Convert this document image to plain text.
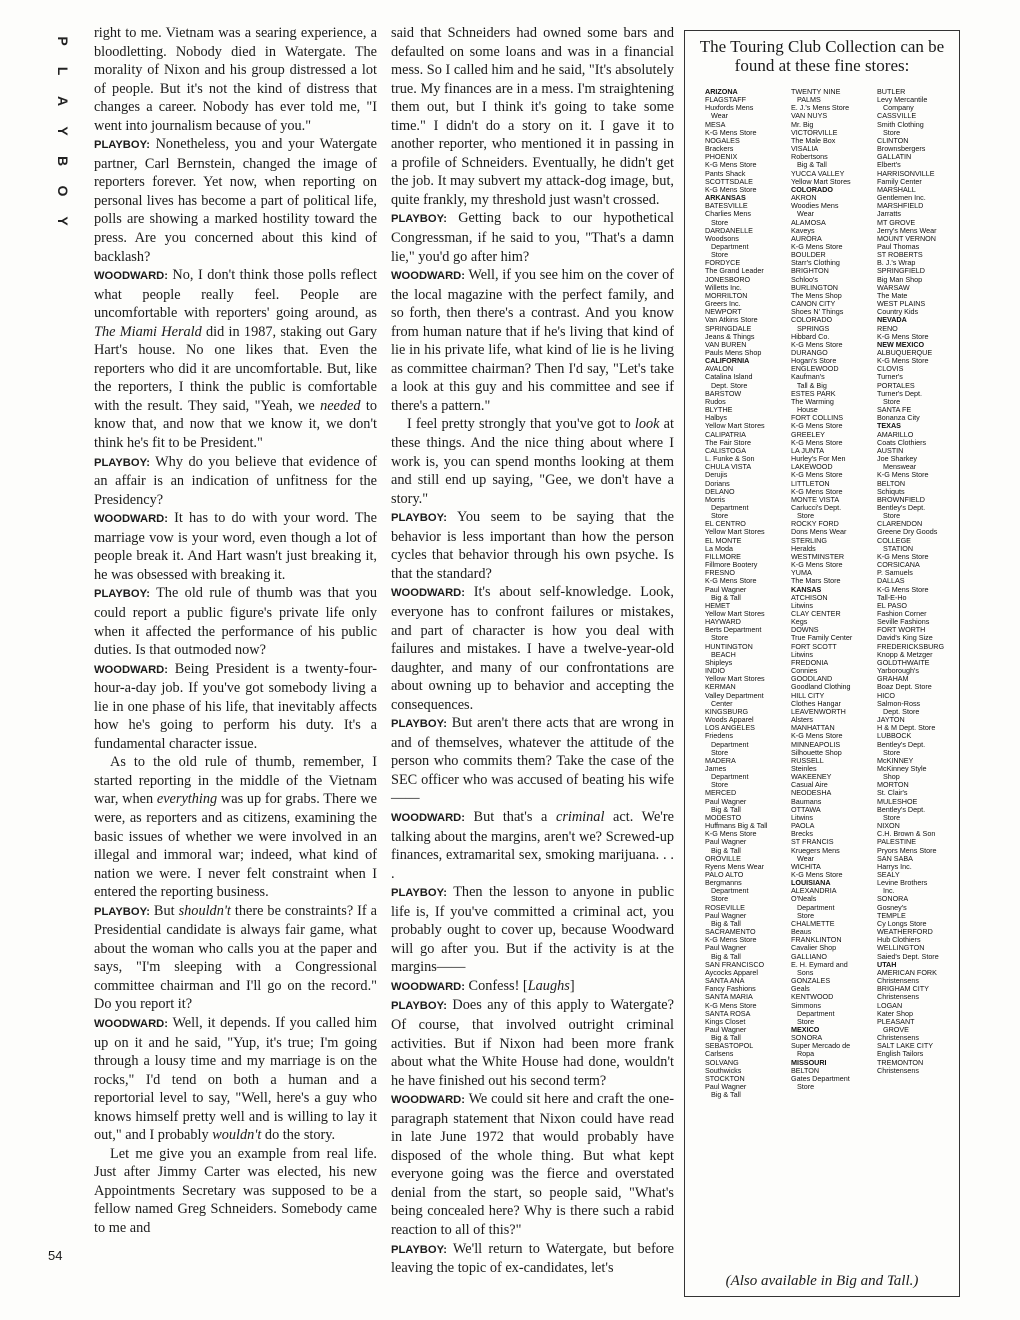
P
L
A
Y
B
O
Y
54

right to me. Vietnam was a searing experience, a bloodletting. Nobody died in Watergate. The morality of Nixon and his group distressed a lot of people. But it's not the kind of distress that changes a career. Nobody has ever told me, "I went into journalism because of you."

PLAYBOY: Nonetheless, you and your Watergate partner, Carl Bernstein, changed the image of reporters forever. Yet now, when reporting on personal lives has become a part of political life, polls are showing a marked hostility toward the press. Are you concerned about this kind of backlash?

WOODWARD: No, I don't think those polls reflect what people really feel. People are uncomfortable with reporters' going around, as The Miami Herald did in 1987, staking out Gary Hart's house. No one likes that. Even the reporters who did it are uncomfortable. But, like the reporters, I think the public is comfortable with the result. They said, "Yeah, we needed to know that, and now that we know it, we don't think he's fit to be President."

PLAYBOY: Why do you believe that evidence of an affair is an indication of unfitness for the Presidency?

WOODWARD: It has to do with your word. The marriage vow is your word, even though a lot of people break it. And Hart wasn't just breaking it, he was obsessed with breaking it.

PLAYBOY: The old rule of thumb was that you could report a public figure's private life only when it affected the performance of his public duties. Is that outmoded now?

WOODWARD: Being President is a twenty-four-hour-a-day job. If you've got somebody living a lie in one phase of his life, that inevitably affects how he's going to perform his duty. It's a fundamental character issue.

As to the old rule of thumb, remember, I started reporting in the middle of the Vietnam war, when everything was up for grabs. There we were, as reporters and as citizens, examining the basic issues of whether we were involved in an illegal and immoral war; indeed, what kind of nation we were. I never felt constraint when I entered the reporting business.

PLAYBOY: But shouldn't there be constraints? If a Presidential candidate is always fair game, what about the woman who calls you at the paper and says, "I'm sleeping with a Congressional committee chairman and I'll go on the record." Do you report it?

WOODWARD: Well, it depends. If you called him up on it and he said, "Yup, it's true; I'm going through a lousy time and my marriage is on the rocks," I'd tend on both a human and a reportorial level to say, "Well, here's a guy who knows himself pretty well and is willing to lay it out," and I probably wouldn't do the story.

Let me give you an example from real life. Just after Jimmy Carter was elected, his new Appointments Secretary was supposed to be a fellow named Greg Schneiders. Somebody came to me and

said that Schneiders had owned some bars and defaulted on some loans and was in a financial mess. So I called him and he said, "It's absolutely true. My finances are in a mess. I'm straightening them out, but I think it's going to take some time." I didn't do a story on it. I gave it to another reporter, who mentioned it in passing in a profile of Schneiders. Eventually, he didn't get the job. It may subvert my attack-dog image, but, quite frankly, my threshold just wasn't crossed.

PLAYBOY: Getting back to our hypothetical Congressman, if he said to you, "That's a damn lie," you'd go after him?

WOODWARD: Well, if you see him on the cover of the local magazine with the perfect family, and so forth, then there's a contrast. And you know from human nature that if he's living that kind of lie in his private life, what kind of lie is he living as committee chairman? Then I'd say, "Let's take a look at this guy and his committee and see if there's a pattern."

I feel pretty strongly that you've got to look at these things. And the nice thing about where I work is, you can spend months looking at them and still end up saying, "Gee, we don't have a story."

PLAYBOY: You seem to be saying that the behavior is less important than how the person cycles that behavior through his own psyche. Is that the standard?

WOODWARD: It's about self-knowledge. Look, everyone has to confront failures or mistakes, and part of character is how you deal with failures and mistakes. I have a twelve-year-old daughter, and many of our confrontations are about owning up to behavior and accepting the consequences.

PLAYBOY: But aren't there acts that are wrong in and of themselves, whatever the attitude of the person who commits them? Take the case of the SEC officer who was accused of beating his wife——

WOODWARD: But that's a criminal act. We're talking about the margins, aren't we? Screwed-up finances, extramarital sex, smoking marijuana. . . .

PLAYBOY: Then the lesson to anyone in public life is, If you've committed a criminal act, you probably ought to cover up, because Woodward will go after you. But if the activity is at the margins——

WOODWARD: Confess! [Laughs]

PLAYBOY: Does any of this apply to Watergate? Of course, that involved outright criminal activities. But if Nixon had been more frank about what the White House had done, wouldn't he have finished out his second term?

WOODWARD: We could sit here and craft the one-paragraph statement that Nixon could have read in late June 1972 that would probably have disposed of the whole thing. But what kept everyone going was the fierce and overstated denial from the start, so people said, "What's being concealed here? Why is there such a rabid reaction to all of this?"

PLAYBOY: We'll return to Watergate, but before leaving the topic of ex-candidates, let's

The Touring Club Collection can be found at these fine stores:
ARIZONA
FLAGSTAFF
Huxfords Mens
Wear
MESA
K-G Mens Store
NOGALES
Brackers
PHOENIX
K-G Mens Store
Pants Shack
SCOTTSDALE
K-G Mens Store
ARKANSAS
BATESVILLE
Charlies Mens
Store
DARDANELLE
Woodsons
Department
Store
FORDYCE
The Grand Leader
JONESBORO
Willetts Inc.
MORRILTON
Greers Inc.
NEWPORT
Van Atkins Store
SPRINGDALE
Jeans & Things
VAN BUREN
Pauls Mens Shop
CALIFORNIA
AVALON
Catalina Island
Dept. Store
BARSTOW
Rudos
BLYTHE
Halbys
Yellow Mart Stores
CALIPATRIA
The Fair Store
CALISTOGA
L. Funke & Son
CHULA VISTA
Derujis
Dorians
DELANO
Morris
Department
Store
EL CENTRO
Yellow Mart Stores
EL MONTE
La Moda
FILLMORE
Fillmore Bootery
FRESNO
K-G Mens Store
Paul Wagner
Big & Tall
HEMET
Yellow Mart Stores
HAYWARD
Berts Department
Store
HUNTINGTON
BEACH
Shipleys
INDIO
Yellow Mart Stores
KERMAN
Valley Department
Center
KINGSBURG
Woods Apparel
LOS ANGELES
Friedens
Department
Store
MADERA
James
Department
Store
MERCED
Paul Wagner
Big & Tall
MODESTO
Huffmans Big & Tall
K-G Mens Store
Paul Wagner
Big & Tall
OROVILLE
Ryens Mens Wear
PALO ALTO
Bergmanns
Department
Store
ROSEVILLE
Paul Wagner
Big & Tall
SACRAMENTO
K-G Mens Store
Paul Wagner
Big & Tall
SAN FRANCISCO
Aycocks Apparel
SANTA ANA
Fancy Fashions
SANTA MARIA
K-G Mens Store
SANTA ROSA
Kings Closet
Paul Wagner
Big & Tall
SEBASTOPOL
Carlsens
SOLVANG
Southwicks
STOCKTON
Paul Wagner
Big & Tall
TWENTY NINE
PALMS
E. J.'s Mens Store
VAN NUYS
Mr. Big
VICTORVILLE
The Male Box
VISALIA
Robertsons
Big & Tall
YUCCA VALLEY
Yellow Mart Stores
COLORADO
AKRON
Woodies Mens
Wear
ALAMOSA
Kaveys
AURORA
K-G Mens Store
BOULDER
Starr's Clothing
BRIGHTON
Schloo's
BURLINGTON
The Mens Shop
CANON CITY
Shoes N' Things
COLORADO
SPRINGS
Hibbard Co.
K-G Mens Store
DURANGO
Hogan's Store
ENGLEWOOD
Kaufman's
Tall & Big
ESTES PARK
The Warming
House
FORT COLLINS
K-G Mens Store
GREELEY
K-G Mens Store
LA JUNTA
Hurley's For Men
LAKEWOOD
K-G Mens Store
LITTLETON
K-G Mens Store
MONTE VISTA
Carlucci's Dept.
Store
ROCKY FORD
Dons Mens Wear
STERLING
Heralds
WESTMINSTER
K-G Mens Store
YUMA
The Mars Store
KANSAS
ATCHISON
Litwins
CLAY CENTER
Kegs
DOWNS
True Family Center
FORT SCOTT
Litwins
FREDONIA
Connies
GOODLAND
Goodland Clothing
HILL CITY
Clothes Hangar
LEAVENWORTH
Alsters
MANHATTAN
K-G Mens Store
MINNEAPOLIS
Silhouette Shop
RUSSELL
Steinles
WAKEENEY
Casual Aire
NEODESHA
Baumans
OTTAWA
Litwins
PAOLA
Brecks
ST FRANCIS
Kruegers Mens
Wear
WICHITA
K-G Mens Store
LOUISIANA
ALEXANDRIA
O'Neals
Department
Store
CHALMETTE
Beaus
FRANKLINTON
Cavalier Shop
GALLIANO
E. H. Eymard and
Sons
GONZALES
Geals
KENTWOOD
Simmons
Department
Store
MEXICO
SONORA
Super Mercado de
Ropa
MISSOURI
BELTON
Gates Department
Store
BUTLER
Levy Mercantile
Company
CASSVILLE
Smith Clothing
Store
CLINTON
Brownsbergers
GALLATIN
Elbert's
HARRISONVILLE
Family Center
MARSHALL
Gentlemen Inc.
MARSHFIELD
Jarratts
MT GROVE
Jerry's Mens Wear
MOUNT VERNON
Paul Thomas
ST ROBERTS
B. J.'s Wrap
SPRINGFIELD
Big Man Shop
WARSAW
The Mate
WEST PLAINS
Country Kids
NEVADA
RENO
K-G Mens Store
NEW MEXICO
ALBUQUERQUE
K-G Mens Store
CLOVIS
Turner's
PORTALES
Turner's Dept.
Store
SANTA FE
Bonanza City
TEXAS
AMARILLO
Coats Clothiers
AUSTIN
Joe Sharkey
Menswear
K-G Mens Store
BELTON
Schiquts
BROWNFIELD
Bentley's Dept.
Store
CLARENDON
Greene Dry Goods
COLLEGE
STATION
K-G Mens Store
CORSICANA
P. Samuels
DALLAS
K-G Mens Store
Tall-E-Ho
EL PASO
Fashion Corner
Seville Fashions
FORT WORTH
David's King Size
FREDERICKSBURG
Knopp & Metzger
GOLDTHWAITE
Yarborough's
GRAHAM
Boaz Dept. Store
HICO
Salmon-Ross
Dept. Store
JAYTON
H & M Dept. Store
LUBBOCK
Bentley's Dept.
Store
McKINNEY
McKinney Style
Shop
MORTON
St. Clair's
MULESHOE
Bentley's Dept.
Store
NIXON
C.H. Brown & Son
PALESTINE
Pryors Mens Store
SAN SABA
Harrys Inc.
SEALY
Levine Brothers
Inc.
SONORA
Gosney's
TEMPLE
Cy Longs Store
WEATHERFORD
Hub Clothiers
WELLINGTON
Saied's Dept. Store
UTAH
AMERICAN FORK
Christensens
BRIGHAM CITY
Christensens
LOGAN
Kater Shop
PLEASANT
GROVE
Christensens
SALT LAKE CITY
English Tailors
TREMONTON
Christensens
(Also available in Big and Tall.)
